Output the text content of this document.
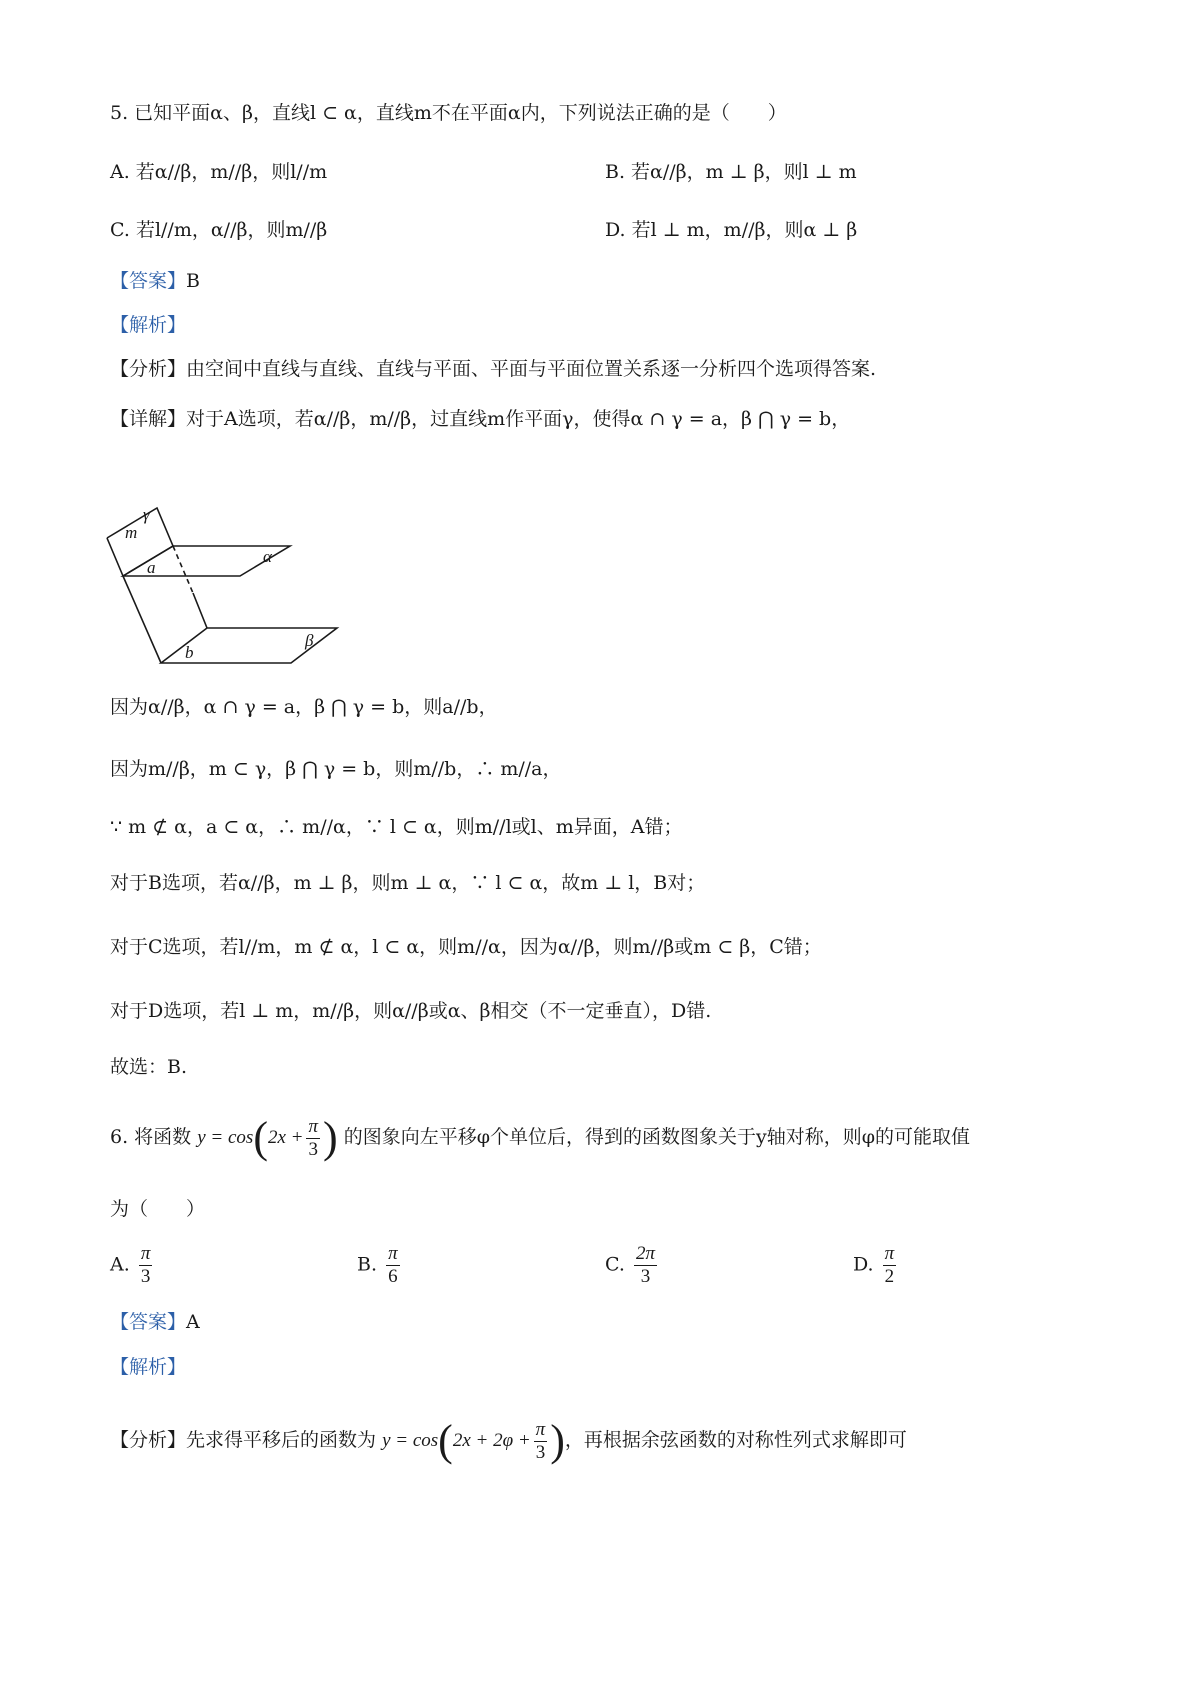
5. 已知平面α、β，直线l ⊂ α，直线m不在平面α内，下列说法正确的是（　　）
A. 若α//β，m//β，则l//m	B. 若α//β，m ⊥ β，则l ⊥ m
C. 若l//m，α//β，则m//β	D. 若l ⊥ m，m//β，则α ⊥ β
【答案】B
【解析】
【分析】由空间中直线与直线、直线与平面、平面与平面位置关系逐一分析四个选项得答案.
【详解】对于A选项，若α//β，m//β，过直线m作平面γ，使得α ∩ γ = a，β ⋂ γ = b，
γ
m
a
α
β
b
因为α//β，α ∩ γ = a，β ⋂ γ = b，则a//b，
因为m//β，m ⊂ γ，β ⋂ γ = b，则m//b，∴ m//a，
∵ m ⊄ α，a ⊂ α，∴ m//α，∵ l ⊂ α，则m//l或l、m异面，A错；
对于B选项，若α//β，m ⊥ β，则m ⊥ α，∵ l ⊂ α，故m ⊥ l，B对；
对于C选项，若l//m，m ⊄ α，l ⊂ α，则m//α，因为α//β，则m//β或m ⊂ β，C错；
对于D选项，若l ⊥ m，m//β，则α//β或α、β相交（不一定垂直），D错.
故选：B.
6. 将函数 $y = \cos(2x + \frac{\pi}{3}$ ) 的图象向左平移φ个单位后，得到的函数图象关于y轴对称，则φ的可能取值
为（　　）
A. $\frac{\pi}{3}$	B. $\frac{\pi}{6}$	C. $\frac{2\pi}{3}$	D. $\frac{\pi}{2}$
【答案】A
【解析】
【分析】先求得平移后的函数为 $y = \cos(2x + 2\varphi + \frac{\pi}{3}$ )，再根据余弦函数的对称性列式求解即可
